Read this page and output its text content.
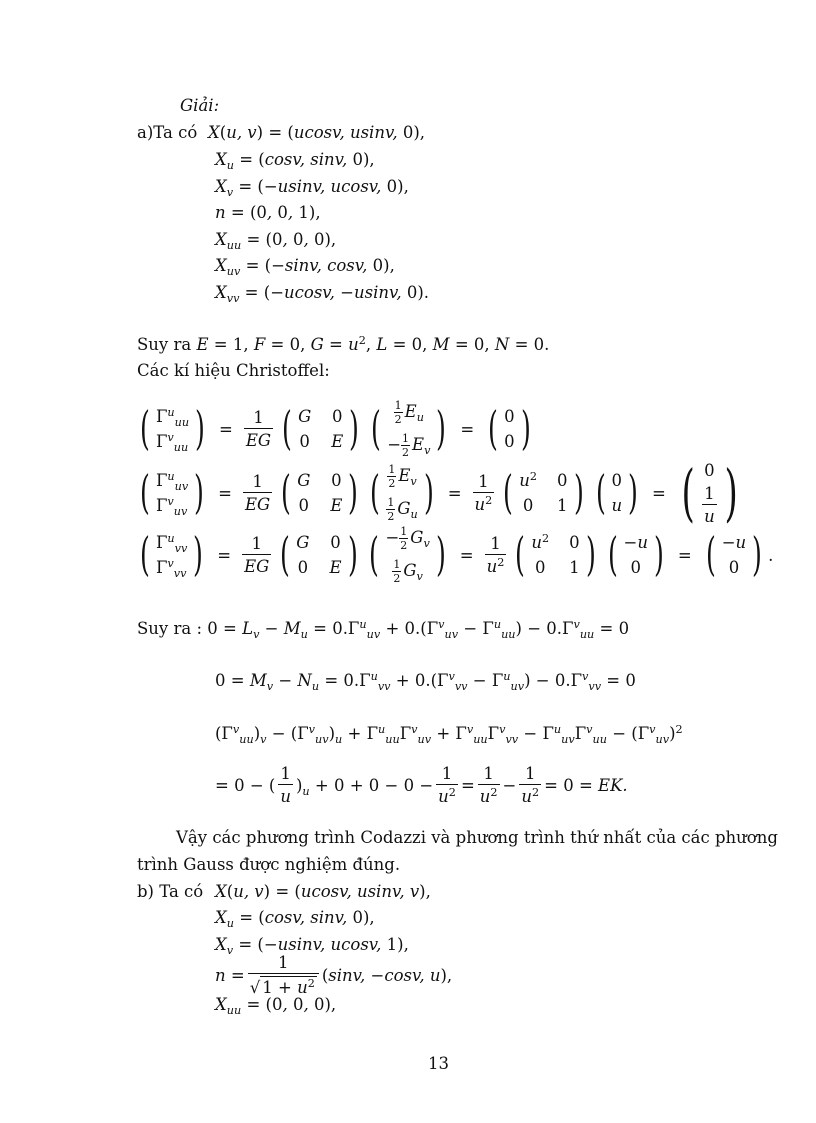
Giải:
a)Ta có X(u, v) = (ucosv, usinv, 0),
$X_u = (\cos v$, sinv, 0),
$X_v = (-usinv$, ucosv, 0),
n = (0, 0, 1),
$X_{uu} = (0$, 0, 0),
$X_{uv} = (-\sin v$, cosv, 0),
$X_{vv} = (-ucosv$, −usinv, 0).
Suy ra E = 1, F = 0, $G = u^2$, L = 0, M = 0, N = 0.
Các kí hiệu Christoffel:
( $\Gamma^u_{uu}$
$\Gamma^v_{uu}$ ) = $\frac{1}{EG}$ ( G 0
0 E ) ( $\frac{1}{2} E_u$
− $\frac{1}{2} E_v$ ) = ( 0
0 )
( $\Gamma^u_{uv}$
$\Gamma^v_{uv}$ ) = $\frac{1}{EG}$ ( G 0
0 E ) ( $\frac{1}{2} E_v$
$\frac{1}{2} G_u$ ) = $\frac{1}{u^2}$ ( $u^2$ 0
0 1 ) ( 0
u ) = ( 0
$\frac{1}{u}$ )
( $\Gamma^u_{vv}$
$\Gamma^v_{vv}$ ) = $\frac{1}{EG}$ ( G 0
0 E ) ( − $\frac{1}{2} G_v$
$\frac{1}{2} G_v$ ) = $\frac{1}{u^2}$ ( $u^2$ 0
0 1 ) ( −u
0 ) = ( −u
0 ) .
Suy ra : $0 = L_v - M_u = 0.\Gamma^u_{uv} + 0.(\Gamma^v_{uv} - \Gamma^u_{uu}) - 0.\Gamma^v_{uu} = 0$
$0 = M_v - N_u = 0.\Gamma^u_{vv} + 0.(\Gamma^v_{vv} - \Gamma^u_{uv}) - 0.\Gamma^v_{vv} = 0$
$(\Gamma^v_{uu})_v - (\Gamma^v_{uv})_u + \Gamma^u_{uu}\Gamma^v_{uv} + \Gamma^v_{uu}\Gamma^v_{vv} - \Gamma^u_{uv}\Gamma^v_{uu} - (\Gamma^v_{uv})^2$
= 0 − ( $\frac{1}{u} )_u + 0 + 0 - 0 - \frac{1}{u^2} = \frac{1}{u^2} - \frac{1}{u^2} = 0$ = EK.
Vậy các phương trình Codazzi và phương trình thứ nhất của các phương
trình Gauss được nghiệm đúng.
b) Ta có X(u, v) = (ucosv, usinv, v),
$X_u = (\cos v$, sinv, 0),
$X_v = (-usinv$, ucosv, 1),
$n = \frac{1}{√ 1 + u^2} (\sin v$, −cosv, u),
$X_{uu} = (0$, 0, 0),
13
